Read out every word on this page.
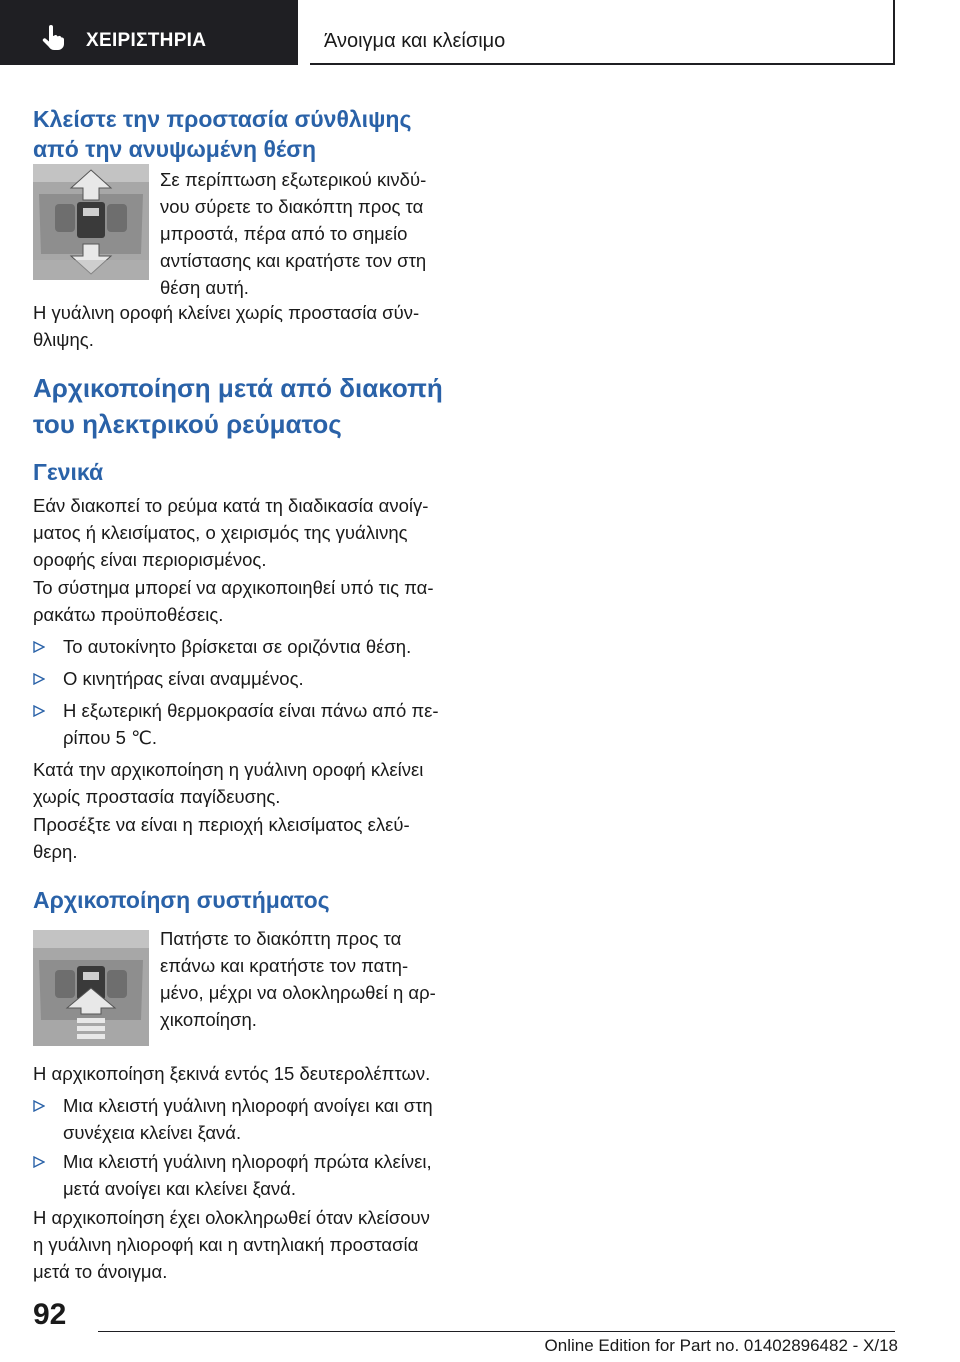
ΧΕΙΡΙΣΤΗΡΙΑ	Άνοιγμα και κλείσιμο
Κλείστε την προστασία σύνθλιψης
από την ανυψωμένη θέση

Σε περίπτωση εξωτερικού κινδύ-
νου σύρετε το διακόπτη προς τα
μπροστά, πέρα από το σημείο
αντίστασης και κρατήστε τον στη
θέση αυτή.

Η γυάλινη οροφή κλείνει χωρίς προστασία σύν-
θλιψης.

Αρχικοποίηση μετά από διακοπή
του ηλεκτρικού ρεύματος
Γενικά

Εάν διακοπεί το ρεύμα κατά τη διαδικασία ανοίγ-
ματος ή κλεισίματος, ο χειρισμός της γυάλινης
οροφής είναι περιορισμένος.

Το σύστημα μπορεί να αρχικοποιηθεί υπό τις πα-
ρακάτω προϋποθέσεις.

Το αυτοκίνητο βρίσκεται σε οριζόντια θέση.
Ο κινητήρας είναι αναμμένος.
Η εξωτερική θερμοκρασία είναι πάνω από πε-
ρίπου 5 ℃.

Κατά την αρχικοποίηση η γυάλινη οροφή κλείνει
χωρίς προστασία παγίδευσης.

Προσέξτε να είναι η περιοχή κλεισίματος ελεύ-
θερη.

Αρχικοποίηση συστήματος

Πατήστε το διακόπτη προς τα
επάνω και κρατήστε τον πατη-
μένο, μέχρι να ολοκληρωθεί η αρ-
χικοποίηση.

Η αρχικοποίηση ξεκινά εντός 15 δευτερολέπτων.

Μια κλειστή γυάλινη ηλιοροφή ανοίγει και στη
συνέχεια κλείνει ξανά.
Μια κλειστή γυάλινη ηλιοροφή πρώτα κλείνει,
μετά ανοίγει και κλείνει ξανά.

Η αρχικοποίηση έχει ολοκληρωθεί όταν κλείσουν
η γυάλινη ηλιοροφή και η αντηλιακή προστασία
μετά το άνοιγμα.

92
Online Edition for Part no. 01402896482 - X/18
